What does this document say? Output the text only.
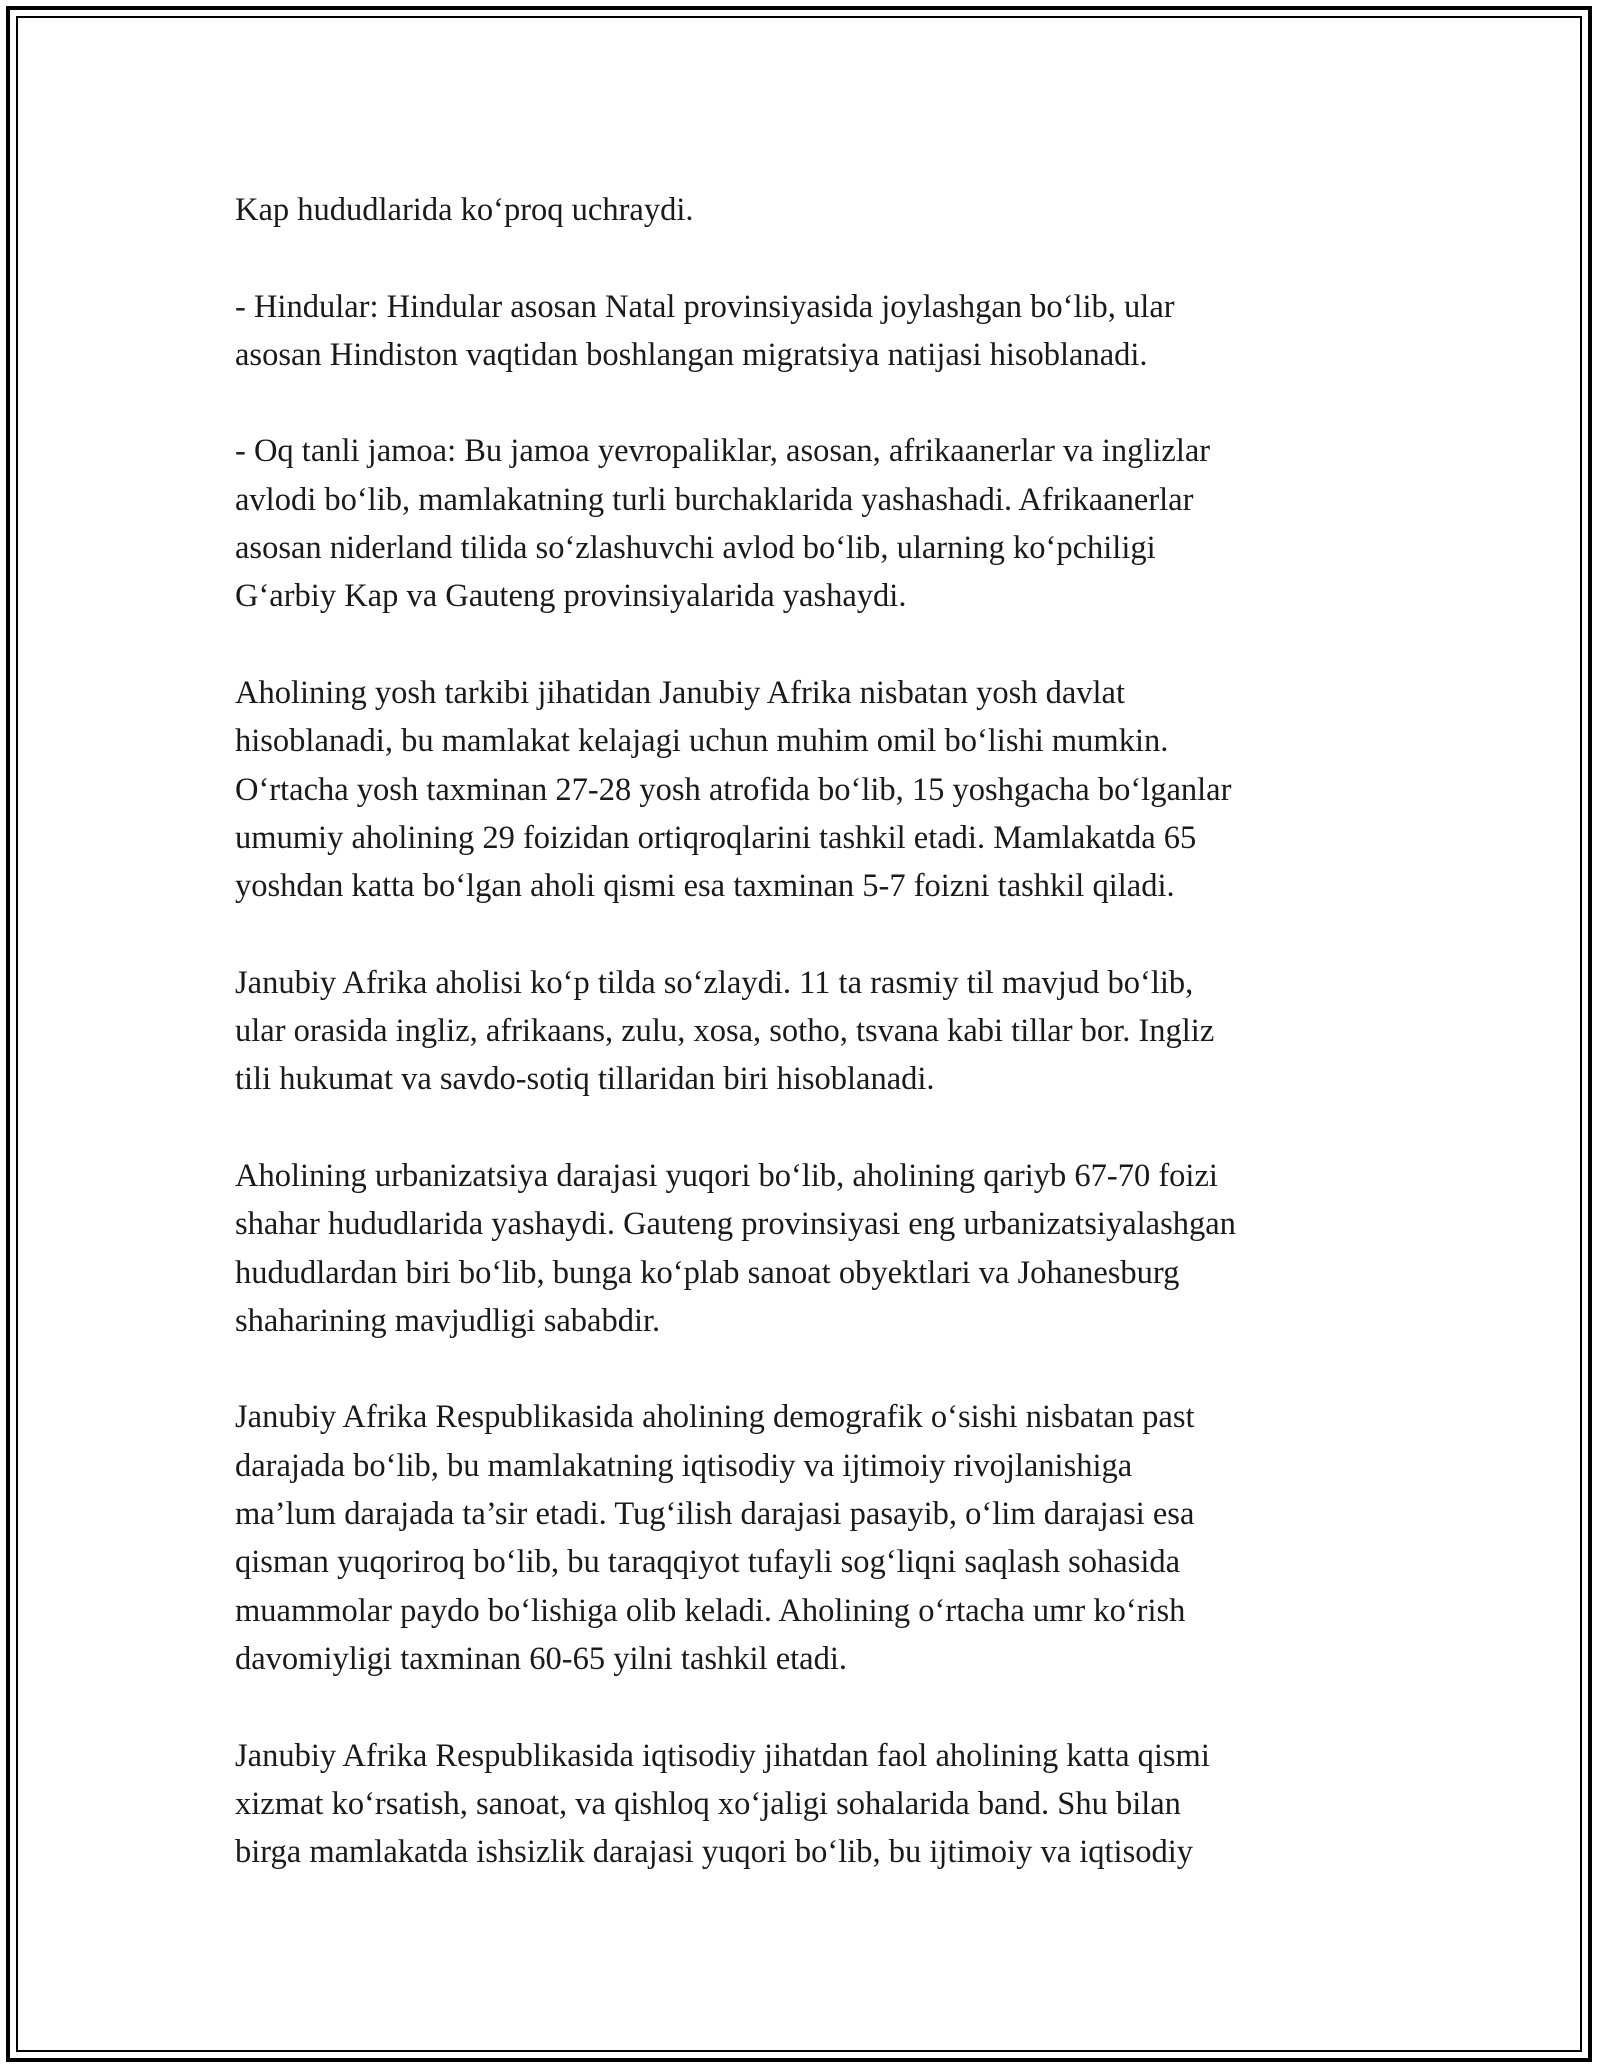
Kap hududlarida ko‘proq uchraydi.

- Hindular: Hindular asosan Natal provinsiyasida joylashgan bo‘lib, ular
asosan Hindiston vaqtidan boshlangan migratsiya natijasi hisoblanadi.

- Oq tanli jamoa: Bu jamoa yevropaliklar, asosan, afrikaanerlar va inglizlar
avlodi bo‘lib, mamlakatning turli burchaklarida yashashadi. Afrikaanerlar
asosan niderland tilida so‘zlashuvchi avlod bo‘lib, ularning ko‘pchiligi
G‘arbiy Kap va Gauteng provinsiyalarida yashaydi.

Aholining yosh tarkibi jihatidan Janubiy Afrika nisbatan yosh davlat
hisoblanadi, bu mamlakat kelajagi uchun muhim omil bo‘lishi mumkin.
O‘rtacha yosh taxminan 27-28 yosh atrofida bo‘lib, 15 yoshgacha bo‘lganlar
umumiy aholining 29 foizidan ortiqroqlarini tashkil etadi. Mamlakatda 65
yoshdan katta bo‘lgan aholi qismi esa taxminan 5-7 foizni tashkil qiladi.

Janubiy Afrika aholisi ko‘p tilda so‘zlaydi. 11 ta rasmiy til mavjud bo‘lib,
ular orasida ingliz, afrikaans, zulu, xosa, sotho, tsvana kabi tillar bor. Ingliz
tili hukumat va savdo-sotiq tillaridan biri hisoblanadi.

Aholining urbanizatsiya darajasi yuqori bo‘lib, aholining qariyb 67-70 foizi
shahar hududlarida yashaydi. Gauteng provinsiyasi eng urbanizatsiyalashgan
hududlardan biri bo‘lib, bunga ko‘plab sanoat obyektlari va Johanesburg
shaharining mavjudligi sababdir.

Janubiy Afrika Respublikasida aholining demografik o‘sishi nisbatan past
darajada bo‘lib, bu mamlakatning iqtisodiy va ijtimoiy rivojlanishiga
ma’lum darajada ta’sir etadi. Tug‘ilish darajasi pasayib, o‘lim darajasi esa
qisman yuqoriroq bo‘lib, bu taraqqiyot tufayli sog‘liqni saqlash sohasida
muammolar paydo bo‘lishiga olib keladi. Aholining o‘rtacha umr ko‘rish
davomiyligi taxminan 60-65 yilni tashkil etadi.

Janubiy Afrika Respublikasida iqtisodiy jihatdan faol aholining katta qismi
xizmat ko‘rsatish, sanoat, va qishloq xo‘jaligi sohalarida band. Shu bilan
birga mamlakatda ishsizlik darajasi yuqori bo‘lib, bu ijtimoiy va iqtisodiy
